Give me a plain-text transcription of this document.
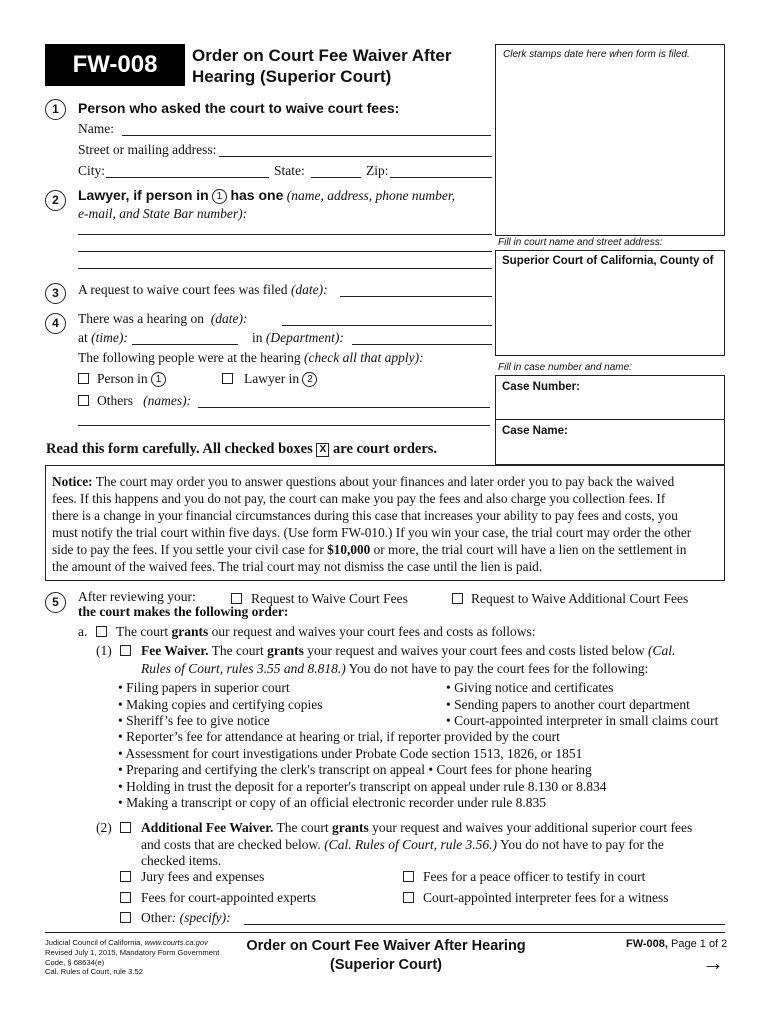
FW-008	Order on Court Fee Waiver After
Hearing (Superior Court)
Clerk stamps date here when form is filed.
Fill in court name and street address:
Superior Court of California, County of
Fill in case number and name:
Case Number:
Case Name:
1	Person who asked the court to waive court fees:
Name:
Street or mailing address:
City:	State:	Zip:
2	Lawyer, if person in 1 has one (name, address, phone number,
e-mail, and State Bar number):
3	A request to waive court fees was filed (date):
4	There was a hearing on (date):
at (time):	in (Department):
The following people were at the hearing (check all that apply):
Person in 1	Lawyer in 2
Others (names):
Read this form carefully. All checked boxes X are court orders.
Notice: The court may order you to answer questions about your finances and later order you to pay back the waived
fees. If this happens and you do not pay, the court can make you pay the fees and also charge you collection fees. If
there is a change in your financial circumstances during this case that increases your ability to pay fees and costs, you
must notify the trial court within five days. (Use form FW-010.) If you win your case, the trial court may order the other
side to pay the fees. If you settle your civil case for $10,000 or more, the trial court will have a lien on the settlement in
the amount of the waived fees. The trial court may not dismiss the case until the lien is paid.
5	After reviewing your:	Request to Waive Court Fees	Request to Waive Additional Court Fees
the court makes the following order:
a. The court grants our request and waives your court fees and costs as follows:
(1) Fee Waiver. The court grants your request and waives your court fees and costs listed below (Cal.
Rules of Court, rules 3.55 and 8.818.) You do not have to pay the court fees for the following:
• Filing papers in superior court
• Making copies and certifying copies
• Sheriff’s fee to give notice
• Giving notice and certificates
• Sending papers to another court department
• Court-appointed interpreter in small claims court
• Reporter’s fee for attendance at hearing or trial, if reporter provided by the court
• Assessment for court investigations under Probate Code section 1513, 1826, or 1851
• Preparing and certifying the clerk's transcript on appeal • Court fees for phone hearing
• Holding in trust the deposit for a reporter's transcript on appeal under rule 8.130 or 8.834
• Making a transcript or copy of an official electronic recorder under rule 8.835
(2) Additional Fee Waiver. The court grants your request and waives your additional superior court fees
and costs that are checked below. (Cal. Rules of Court, rule 3.56.) You do not have to pay for the
checked items.
Jury fees and expenses	Fees for a peace officer to testify in court
Fees for court-appointed experts	Court-appointed interpreter fees for a witness
Other: (specify):
Judicial Council of California, www.courts.ca.gov
Revised July 1, 2015, Mandatory Form Government
Code, § 68634(e)
Cal. Rules of Court, rule 3.52
Order on Court Fee Waiver After Hearing
(Superior Court)
FW-008, Page 1 of 2
→
